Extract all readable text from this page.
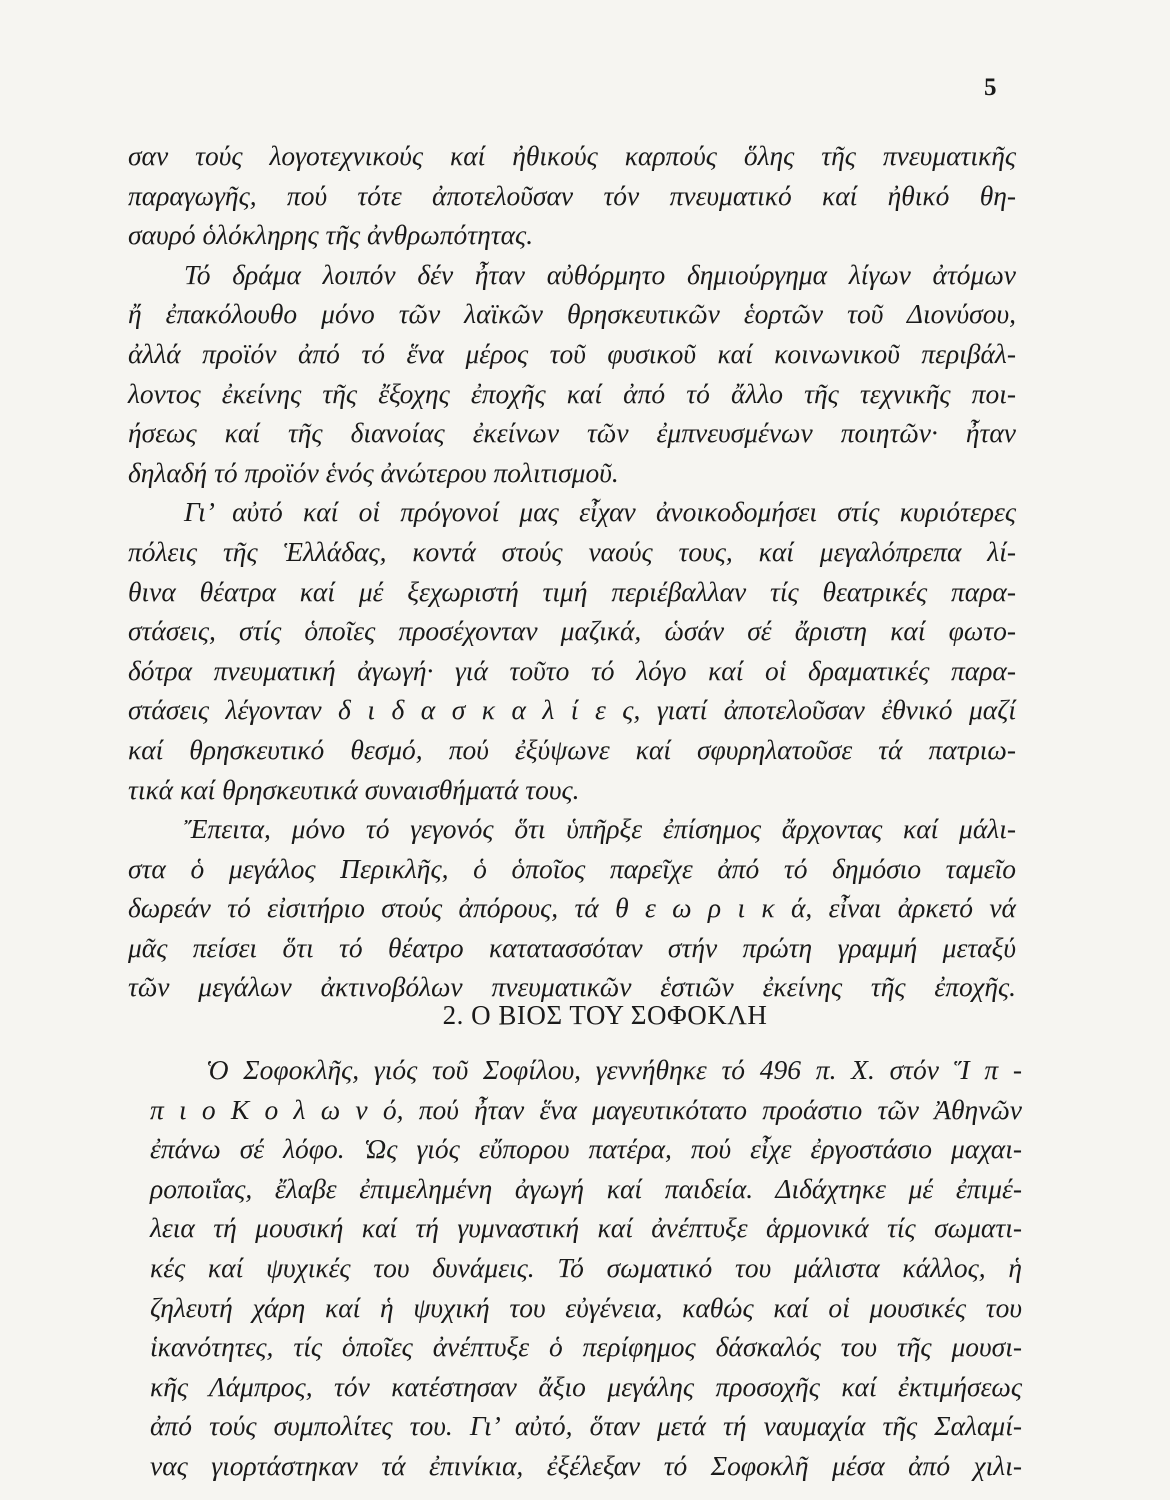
5
σαν τούς λογοτεχνικούς καί ἠθικούς καρπούς ὅλης τῆς πνευματικῆς
παραγωγῆς, πού τότε ἀποτελοῦσαν τόν πνευματικό καί ἠθικό θη-
σαυρό ὁλόκληρης τῆς ἀνθρωπότητας.
Τό δράμα λοιπόν δέν ἦταν αὐθόρμητο δημιούργημα λίγων ἀτόμων
ἤ ἐπακόλουθο μόνο τῶν λαϊκῶν θρησκευτικῶν ἑορτῶν τοῦ Διονύσου,
ἀλλά προϊόν ἀπό τό ἕνα μέρος τοῦ φυσικοῦ καί κοινωνικοῦ περιβάλ-
λοντος ἐκείνης τῆς ἔξοχης ἐποχῆς καί ἀπό τό ἄλλο τῆς τεχνικῆς ποι-
ήσεως καί τῆς διανοίας ἐκείνων τῶν ἐμπνευσμένων ποιητῶν· ἦταν
δηλαδή τό προϊόν ἑνός ἀνώτερου πολιτισμοῦ.
Γι’ αὐτό καί οἱ πρόγονοί μας εἶχαν ἀνοικοδομήσει στίς κυριότερες
πόλεις τῆς Ἑλλάδας, κοντά στούς ναούς τους, καί μεγαλόπρεπα λί-
θινα θέατρα καί μέ ξεχωριστή τιμή περιέβαλλαν τίς θεατρικές παρα-
στάσεις, στίς ὁποῖες προσέχονταν μαζικά, ὡσάν σέ ἄριστη καί φωτο-
δότρα πνευματική ἀγωγή· γιά τοῦτο τό λόγο καί οἱ δραματικές παρα-
στάσεις λέγονταν δ ι δ α σ κ α λ ί ε ς, γιατί ἀποτελοῦσαν ἐθνικό μαζί
καί θρησκευτικό θεσμό, πού ἐξύψωνε καί σφυρηλατοῦσε τά πατριω-
τικά καί θρησκευτικά συναισθήματά τους.
Ἔπειτα, μόνο τό γεγονός ὅτι ὑπῆρξε ἐπίσημος ἄρχοντας καί μάλι-
στα ὁ μεγάλος Περικλῆς, ὁ ὁποῖος παρεῖχε ἀπό τό δημόσιο ταμεῖο
δωρεάν τό εἰσιτήριο στούς ἀπόρους, τά θ ε ω ρ ι κ ά, εἶναι ἀρκετό νά
μᾶς πείσει ὅτι τό θέατρο κατατασσόταν στήν πρώτη γραμμή μεταξύ
τῶν μεγάλων ἀκτινοβόλων πνευματικῶν ἑστιῶν ἐκείνης τῆς ἐποχῆς.
2. Ο ΒΙΟΣ ΤΟΥ ΣΟΦΟΚΛΗ
Ὁ Σοφοκλῆς, γιός τοῦ Σοφίλου, γεννήθηκε τό 496 π. Χ. στόν Ἵ π -
π ι ο Κ ο λ ω ν ό, πού ἦταν ἕνα μαγευτικότατο προάστιο τῶν Ἀθηνῶν
ἐπάνω σέ λόφο. Ὡς γιός εὔπορου πατέρα, πού εἶχε ἐργοστάσιο μαχαι-
ροποιΐας, ἔλαβε ἐπιμελημένη ἀγωγή καί παιδεία. Διδάχτηκε μέ ἐπιμέ-
λεια τή μουσική καί τή γυμναστική καί ἀνέπτυξε ἁρμονικά τίς σωματι-
κές καί ψυχικές του δυνάμεις. Τό σωματικό του μάλιστα κάλλος, ἡ
ζηλευτή χάρη καί ἡ ψυχική του εὐγένεια, καθώς καί οἱ μουσικές του
ἱκανότητες, τίς ὁποῖες ἀνέπτυξε ὁ περίφημος δάσκαλός του τῆς μουσι-
κῆς Λάμπρος, τόν κατέστησαν ἄξιο μεγάλης προσοχῆς καί ἐκτιμήσεως
ἀπό τούς συμπολίτες του. Γι’ αὐτό, ὅταν μετά τή ναυμαχία τῆς Σαλαμί-
νας γιορτάστηκαν τά ἐπινίκια, ἐξέλεξαν τό Σοφοκλῆ μέσα ἀπό χιλι-
